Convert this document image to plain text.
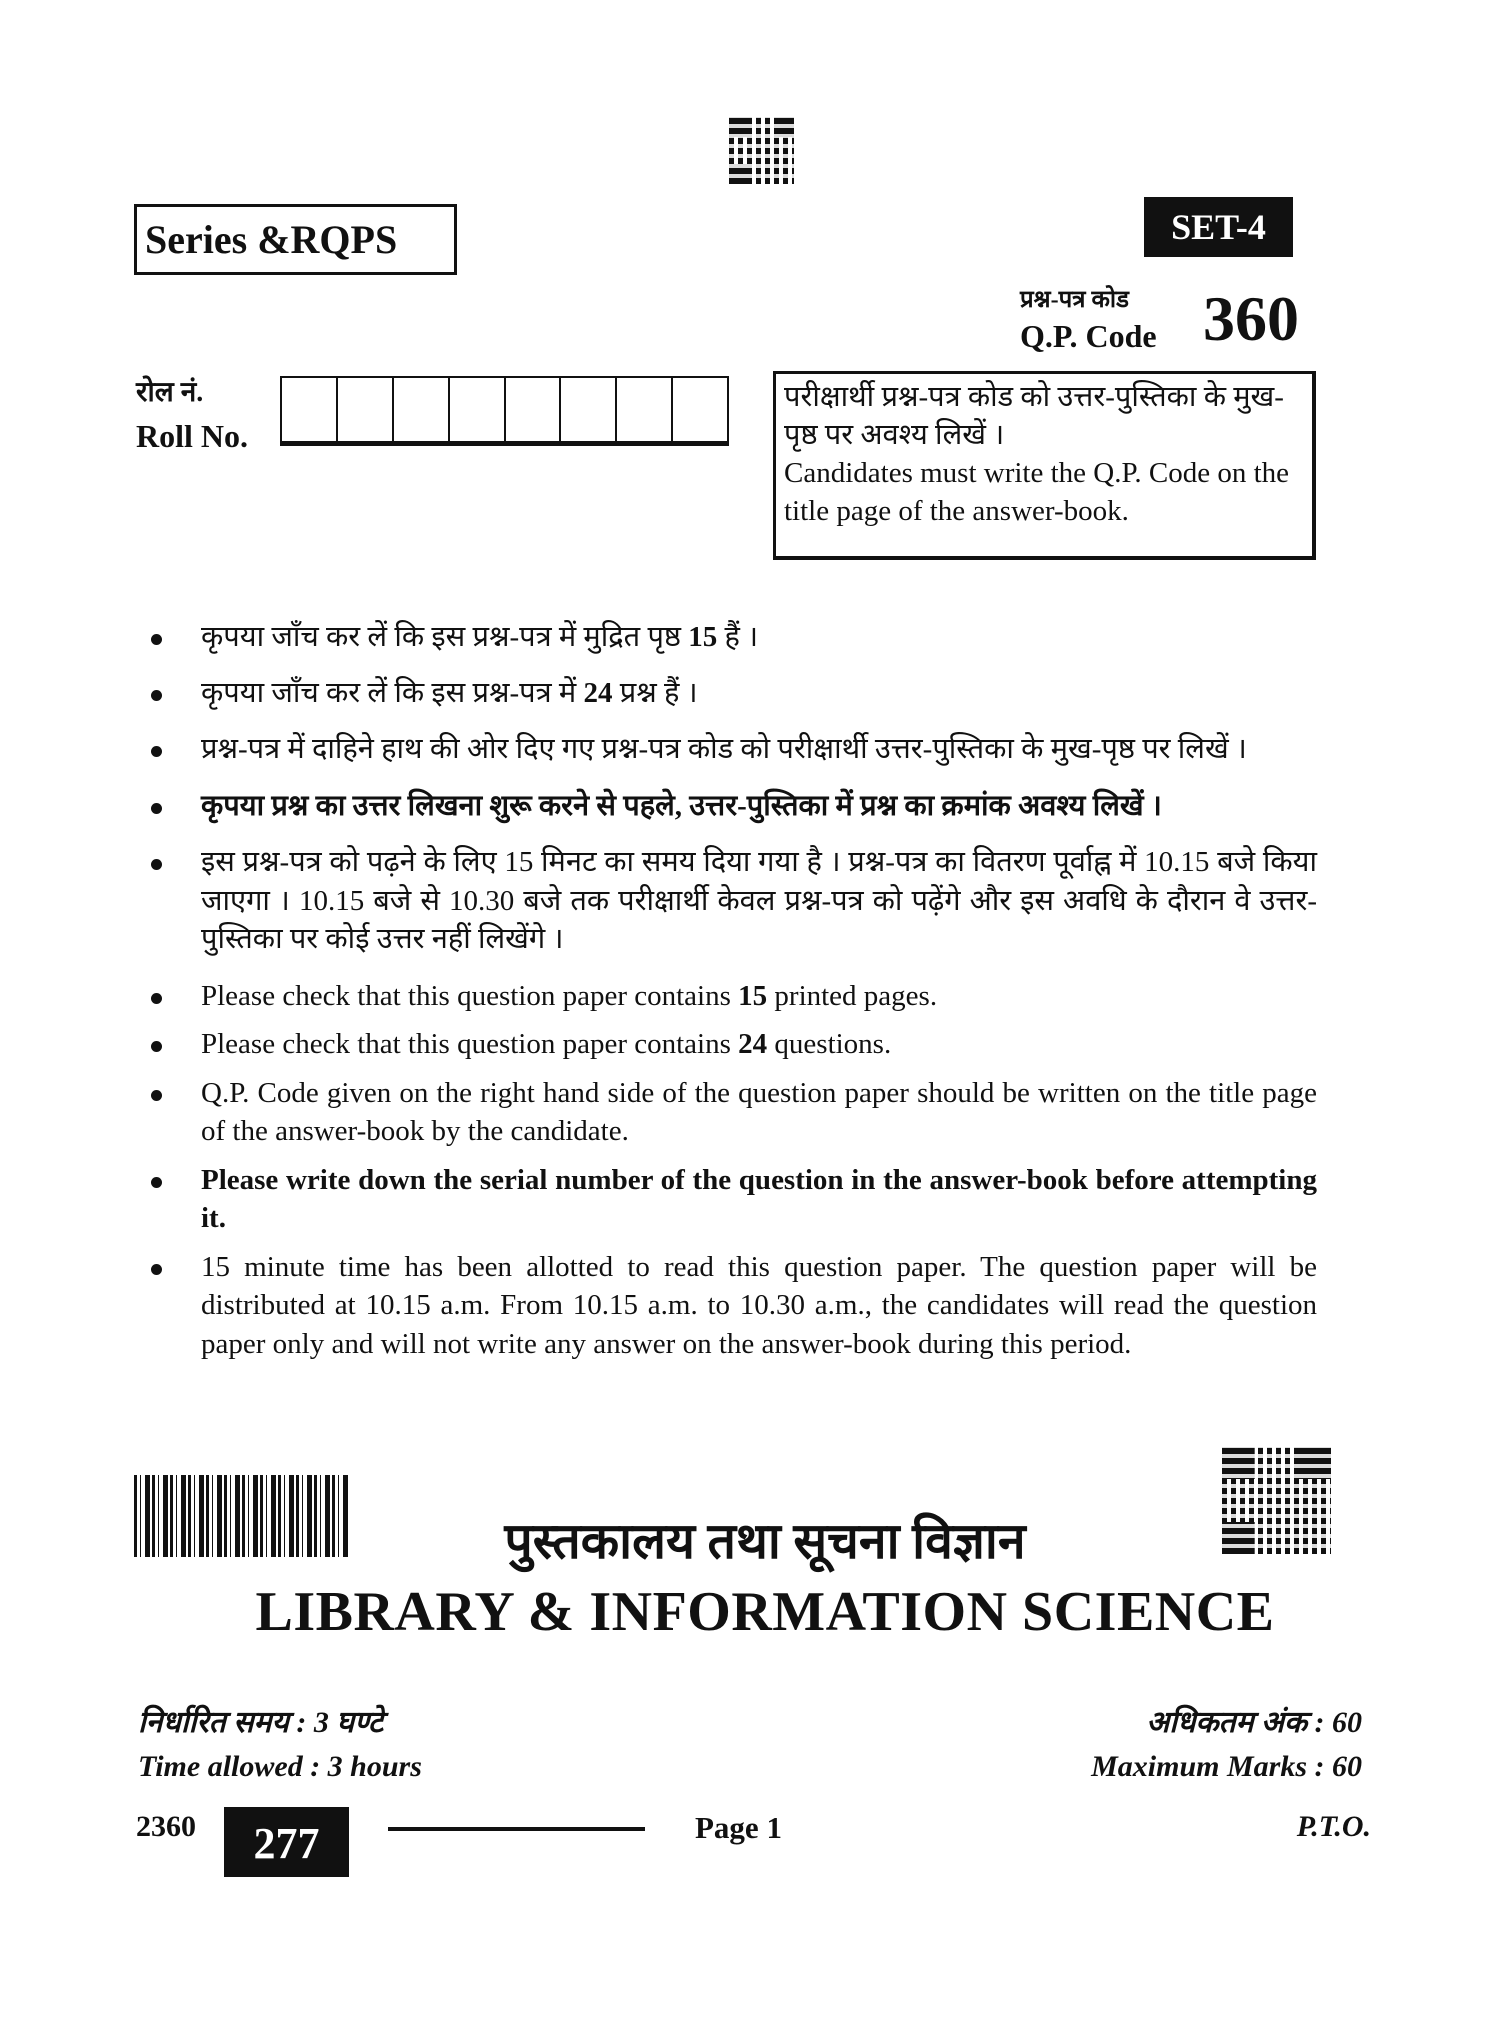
Series &RQPS	SET-4
प्रश्न-पत्र कोड
Q.P. Code 360
रोल नं.
Roll No.
परीक्षार्थी प्रश्न-पत्र कोड को उत्तर-पुस्तिका के मुख-पृष्ठ पर अवश्य लिखें ।
Candidates must write the Q.P. Code on the title page of the answer-book.
कृपया जाँच कर लें कि इस प्रश्न-पत्र में मुद्रित पृष्ठ 15 हैं ।
कृपया जाँच कर लें कि इस प्रश्न-पत्र में 24 प्रश्न हैं ।
प्रश्न-पत्र में दाहिने हाथ की ओर दिए गए प्रश्न-पत्र कोड को परीक्षार्थी उत्तर-पुस्तिका के मुख-पृष्ठ पर लिखें ।
कृपया प्रश्न का उत्तर लिखना शुरू करने से पहले, उत्तर-पुस्तिका में प्रश्न का क्रमांक अवश्य लिखें ।
इस प्रश्न-पत्र को पढ़ने के लिए 15 मिनट का समय दिया गया है । प्रश्न-पत्र का वितरण पूर्वाह्न में 10.15 बजे किया जाएगा । 10.15 बजे से 10.30 बजे तक परीक्षार्थी केवल प्रश्न-पत्र को पढ़ेंगे और इस अवधि के दौरान वे उत्तर-पुस्तिका पर कोई उत्तर नहीं लिखेंगे ।
Please check that this question paper contains 15 printed pages.
Please check that this question paper contains 24 questions.
Q.P. Code given on the right hand side of the question paper should be written on the title page of the answer-book by the candidate.
Please write down the serial number of the question in the answer-book before attempting it.
15 minute time has been allotted to read this question paper. The question paper will be distributed at 10.15 a.m. From 10.15 a.m. to 10.30 a.m., the candidates will read the question paper only and will not write any answer on the answer-book during this period.
पुस्तकालय तथा सूचना विज्ञान
LIBRARY & INFORMATION SCIENCE
निर्धारित समय : 3 घण्टे
Time allowed : 3 hours
अधिकतम अंक : 60
Maximum Marks : 60
2360	277	Page 1	P.T.O.
